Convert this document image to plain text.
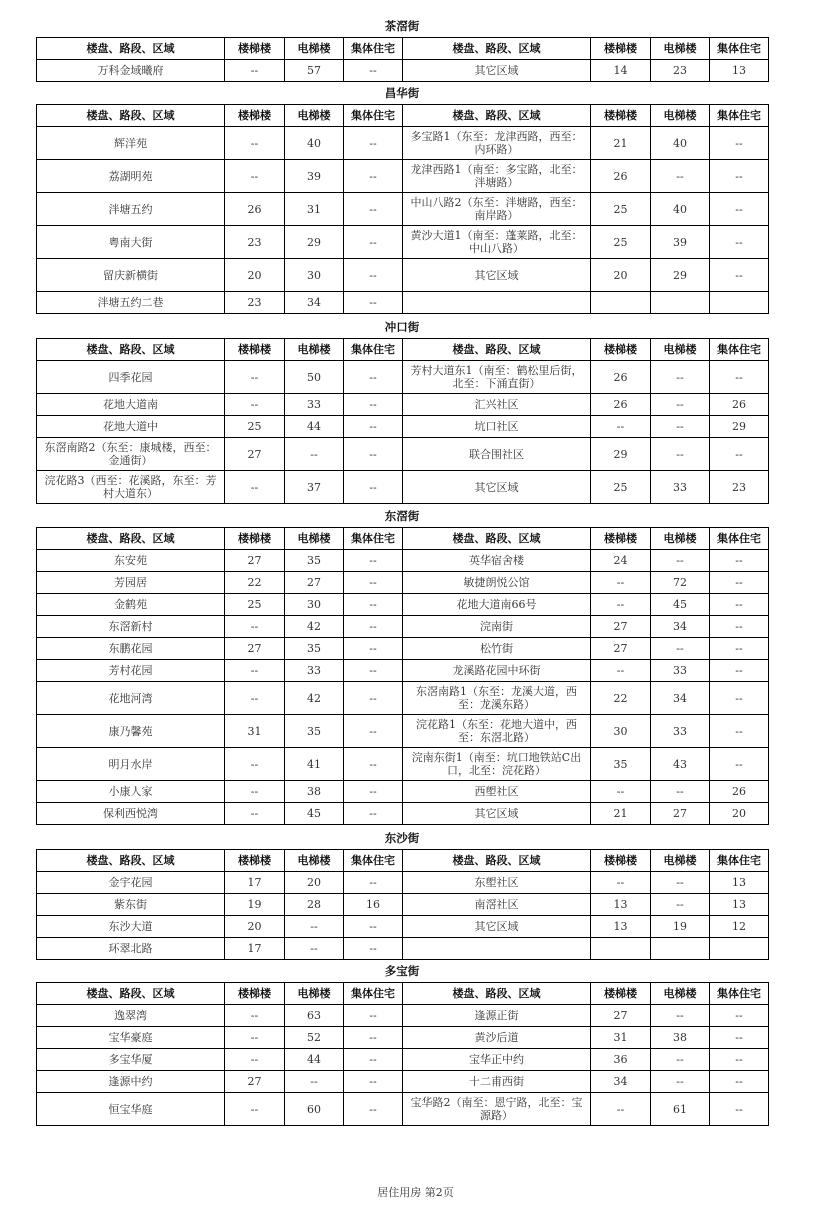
茶滘街
楼盘、路段、区域	楼梯楼	电梯楼	集体住宅	楼盘、路段、区域	楼梯楼	电梯楼	集体住宅
万科金域曦府	--	57	--	其它区域	14	23	13
昌华街
楼盘、路段、区域	楼梯楼	电梯楼	集体住宅	楼盘、路段、区域	楼梯楼	电梯楼	集体住宅
辉洋苑	--	40	--	多宝路1（东至：龙津西路，西至：内环路）	21	40	--
荔湖明苑	--	39	--	龙津西路1（南至：多宝路，北至：泮塘路）	26	--	--
泮塘五约	26	31	--	中山八路2（东至：泮塘路，西至：南岸路）	25	40	--
粤南大街	23	29	--	黄沙大道1（南至：蓬莱路，北至：中山八路）	25	39	--
留庆新横街	20	30	--	其它区域	20	29	--
泮塘五约二巷	23	34	--				
冲口街
楼盘、路段、区域	楼梯楼	电梯楼	集体住宅	楼盘、路段、区域	楼梯楼	电梯楼	集体住宅
四季花园	--	50	--	芳村大道东1（南至：鹤松里后街，北至：下涌直街）	26	--	--
花地大道南	--	33	--	汇兴社区	26	--	26
花地大道中	25	44	--	坑口社区	--	--	29
东滘南路2（东至：康城楼，西至：金通街）	27	--	--	联合围社区	29	--	--
浣花路3（西至：花溪路，东至：芳村大道东）	--	37	--	其它区域	25	33	23
东滘街
楼盘、路段、区域	楼梯楼	电梯楼	集体住宅	楼盘、路段、区域	楼梯楼	电梯楼	集体住宅
东安苑	27	35	--	英华宿舍楼	24	--	--
芳园居	22	27	--	敏捷朗悦公馆	--	72	--
金鹤苑	25	30	--	花地大道南66号	--	45	--
东滘新村	--	42	--	浣南街	27	34	--
东鹏花园	27	35	--	松竹街	27	--	--
芳村花园	--	33	--	龙溪路花园中环街	--	33	--
花地河湾	--	42	--	东滘南路1（东至：龙溪大道，西至：龙溪东路）	22	34	--
康乃馨苑	31	35	--	浣花路1（东至：花地大道中，西至：东滘北路）	30	33	--
明月水岸	--	41	--	浣南东街1（南至：坑口地铁站C出口，北至：浣花路）	35	43	--
小康人家	--	38	--	西塱社区	--	--	26
保利西悦湾	--	45	--	其它区域	21	27	20
东沙街
楼盘、路段、区域	楼梯楼	电梯楼	集体住宅	楼盘、路段、区域	楼梯楼	电梯楼	集体住宅
金宇花园	17	20	--	东塱社区	--	--	13
紫东街	19	28	16	南滘社区	13	--	13
东沙大道	20	--	--	其它区域	13	19	12
环翠北路	17	--	--				
多宝街
楼盘、路段、区域	楼梯楼	电梯楼	集体住宅	楼盘、路段、区域	楼梯楼	电梯楼	集体住宅
逸翠湾	--	63	--	逢源正街	27	--	--
宝华豪庭	--	52	--	黄沙后道	31	38	--
多宝华厦	--	44	--	宝华正中约	36	--	--
逢源中约	27	--	--	十二甫西街	34	--	--
恒宝华庭	--	60	--	宝华路2（南至：恩宁路，北至：宝源路）	--	61	--
居住用房 第2页
